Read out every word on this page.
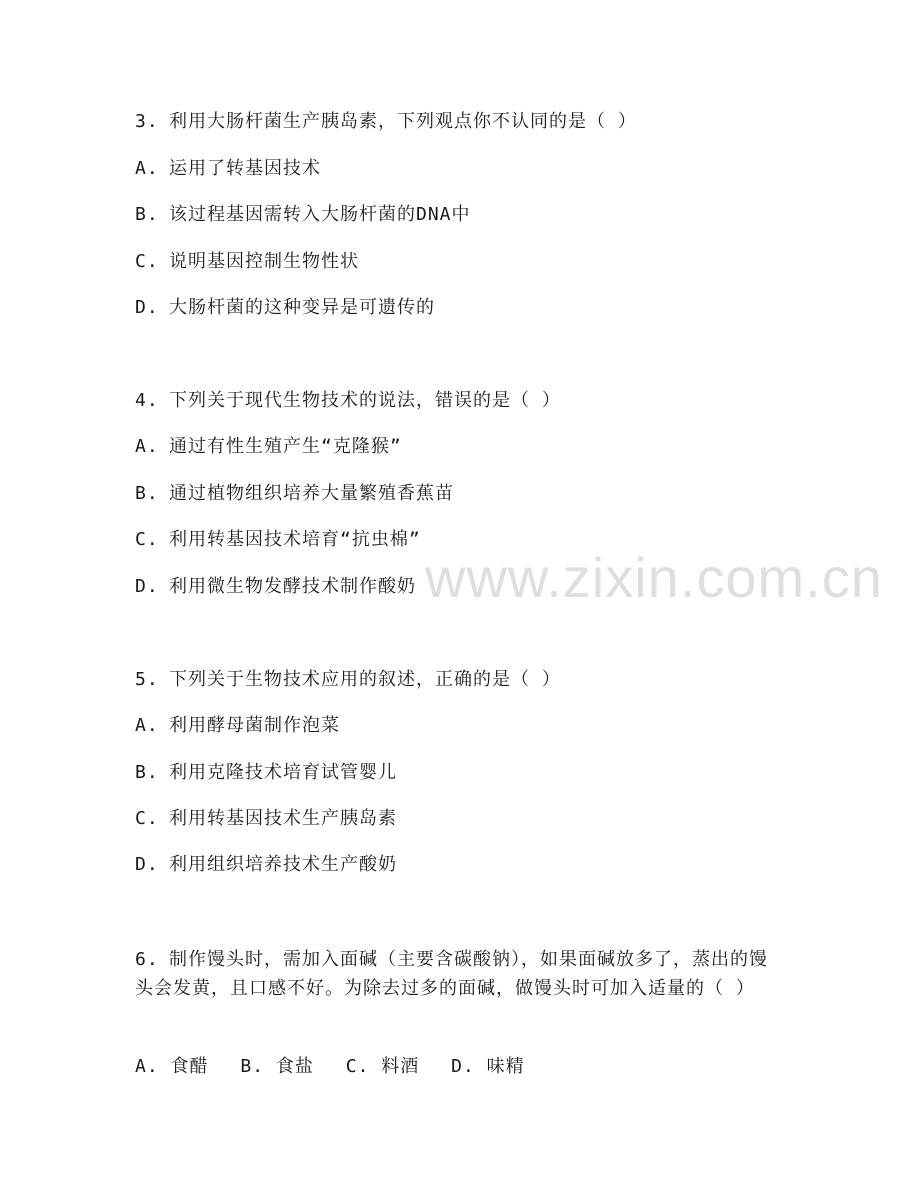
3. 利用大肠杆菌生产胰岛素，下列观点你不认同的是（ ）
A. 运用了转基因技术
B. 该过程基因需转入大肠杆菌的DNA中
C. 说明基因控制生物性状
D. 大肠杆菌的这种变异是可遗传的
4. 下列关于现代生物技术的说法，错误的是（ ）
A. 通过有性生殖产生“克隆猴”
B. 通过植物组织培养大量繁殖香蕉苗
C. 利用转基因技术培育“抗虫棉”
D. 利用微生物发酵技术制作酸奶
5. 下列关于生物技术应用的叙述，正确的是（ ）
A. 利用酵母菌制作泡菜
B. 利用克隆技术培育试管婴儿
C. 利用转基因技术生产胰岛素
D. 利用组织培养技术生产酸奶
6. 制作馒头时，需加入面碱（主要含碳酸钠），如果面碱放多了，蒸出的馒头会发黄，且口感不好。为除去过多的面碱，做馒头时可加入适量的（ ）
A. 食醋 B. 食盐 C. 料酒 D. 味精
www.zixin.com.cn
